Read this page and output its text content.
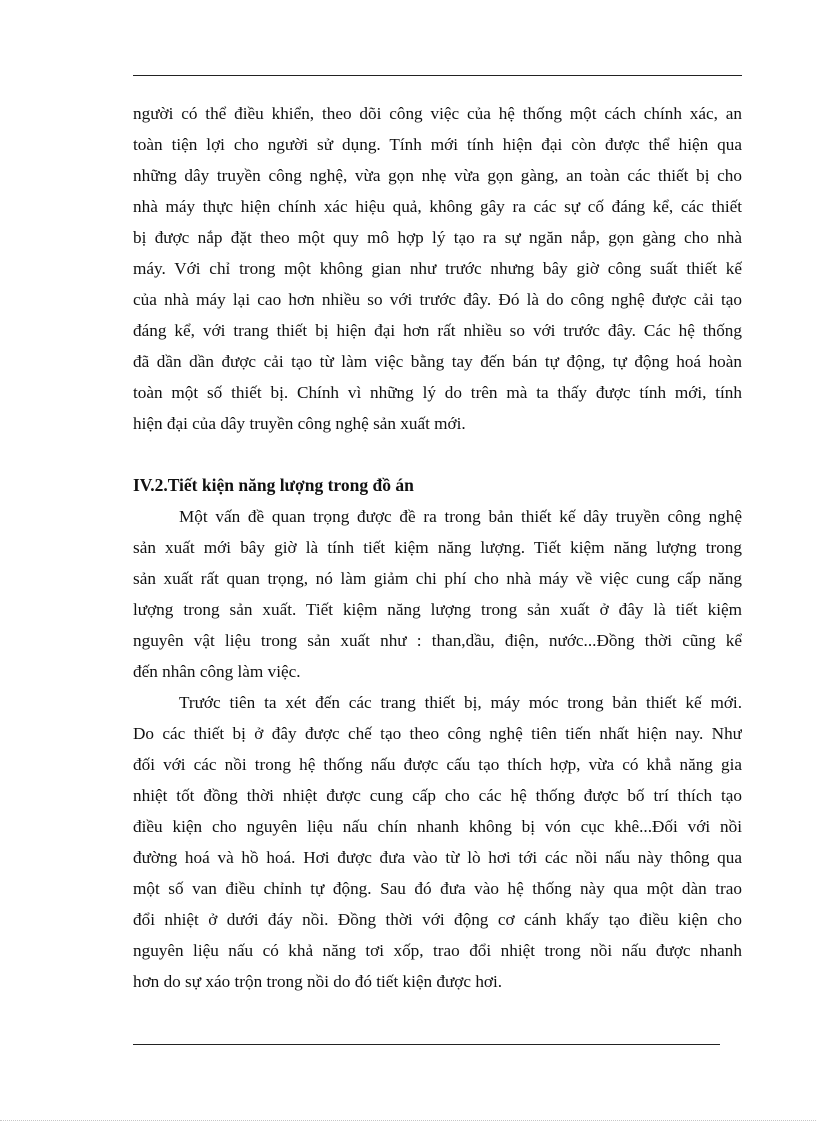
người có thể điều khiển, theo dõi công việc của hệ thống một cách chính xác, an
toàn tiện lợi cho người sử dụng. Tính mới tính hiện đại còn được thể hiện qua
những dây truyền công nghệ, vừa gọn nhẹ vừa gọn gàng, an toàn các thiết bị cho
nhà máy thực hiện chính xác hiệu quả, không gây ra các sự cố đáng kể, các thiết
bị được nắp đặt theo một quy mô hợp lý tạo ra sự ngăn nắp, gọn gàng cho nhà
máy. Với chỉ trong một không gian như trước nhưng bây giờ công suất thiết kế
của nhà máy lại cao hơn nhiều so với trước đây. Đó là do công nghệ được cải tạo
đáng kể, với trang thiết bị hiện đại hơn rất nhiều so với trước đây. Các hệ thống
đã dần dần được cải tạo từ làm việc bằng tay đến bán tự động, tự động hoá hoàn
toàn một số thiết bị. Chính vì những lý do trên mà ta thấy được tính mới, tính
hiện đại của dây truyền công nghệ sản xuất mới.
IV.2.Tiết kiện năng lượng trong đồ án
Một vấn đề quan trọng được đề ra trong bản thiết kế dây truyền công nghệ
sản xuất mới bây giờ là tính tiết kiệm năng lượng. Tiết kiệm năng lượng trong
sản xuất rất quan trọng, nó làm giảm chi phí cho nhà máy về việc cung cấp năng
lượng trong sản xuất. Tiết kiệm năng lượng trong sản xuất ở đây là tiết kiệm
nguyên vật liệu trong sản xuất như : than,dầu, điện, nước...Đồng thời cũng kể
đến nhân công làm việc.
Trước tiên ta xét đến các trang thiết bị, máy móc trong bản thiết kế mới.
Do các thiết bị ở đây được chế tạo theo công nghệ tiên tiến nhất hiện nay. Như
đối với các nồi trong hệ thống nấu được cấu tạo thích hợp, vừa có khẳ năng gia
nhiệt tốt đồng thời nhiệt được cung cấp cho các hệ thống được bố trí thích tạo
điều kiện cho nguyên liệu nấu chín nhanh không bị vón cục khê...Đối với nồi
đường hoá và hồ hoá. Hơi được đưa vào từ lò hơi tới các nồi nấu này thông qua
một số van điều chỉnh tự động. Sau đó đưa vào hệ thống này qua một dàn trao
đổi nhiệt ở dưới đáy nồi. Đồng thời với động cơ cánh khấy tạo điều kiện cho
nguyên liệu nấu có khả năng tơi xốp, trao đổi nhiệt trong nồi nấu được nhanh
hơn do sự xáo trộn trong nồi do đó tiết kiện được hơi.
